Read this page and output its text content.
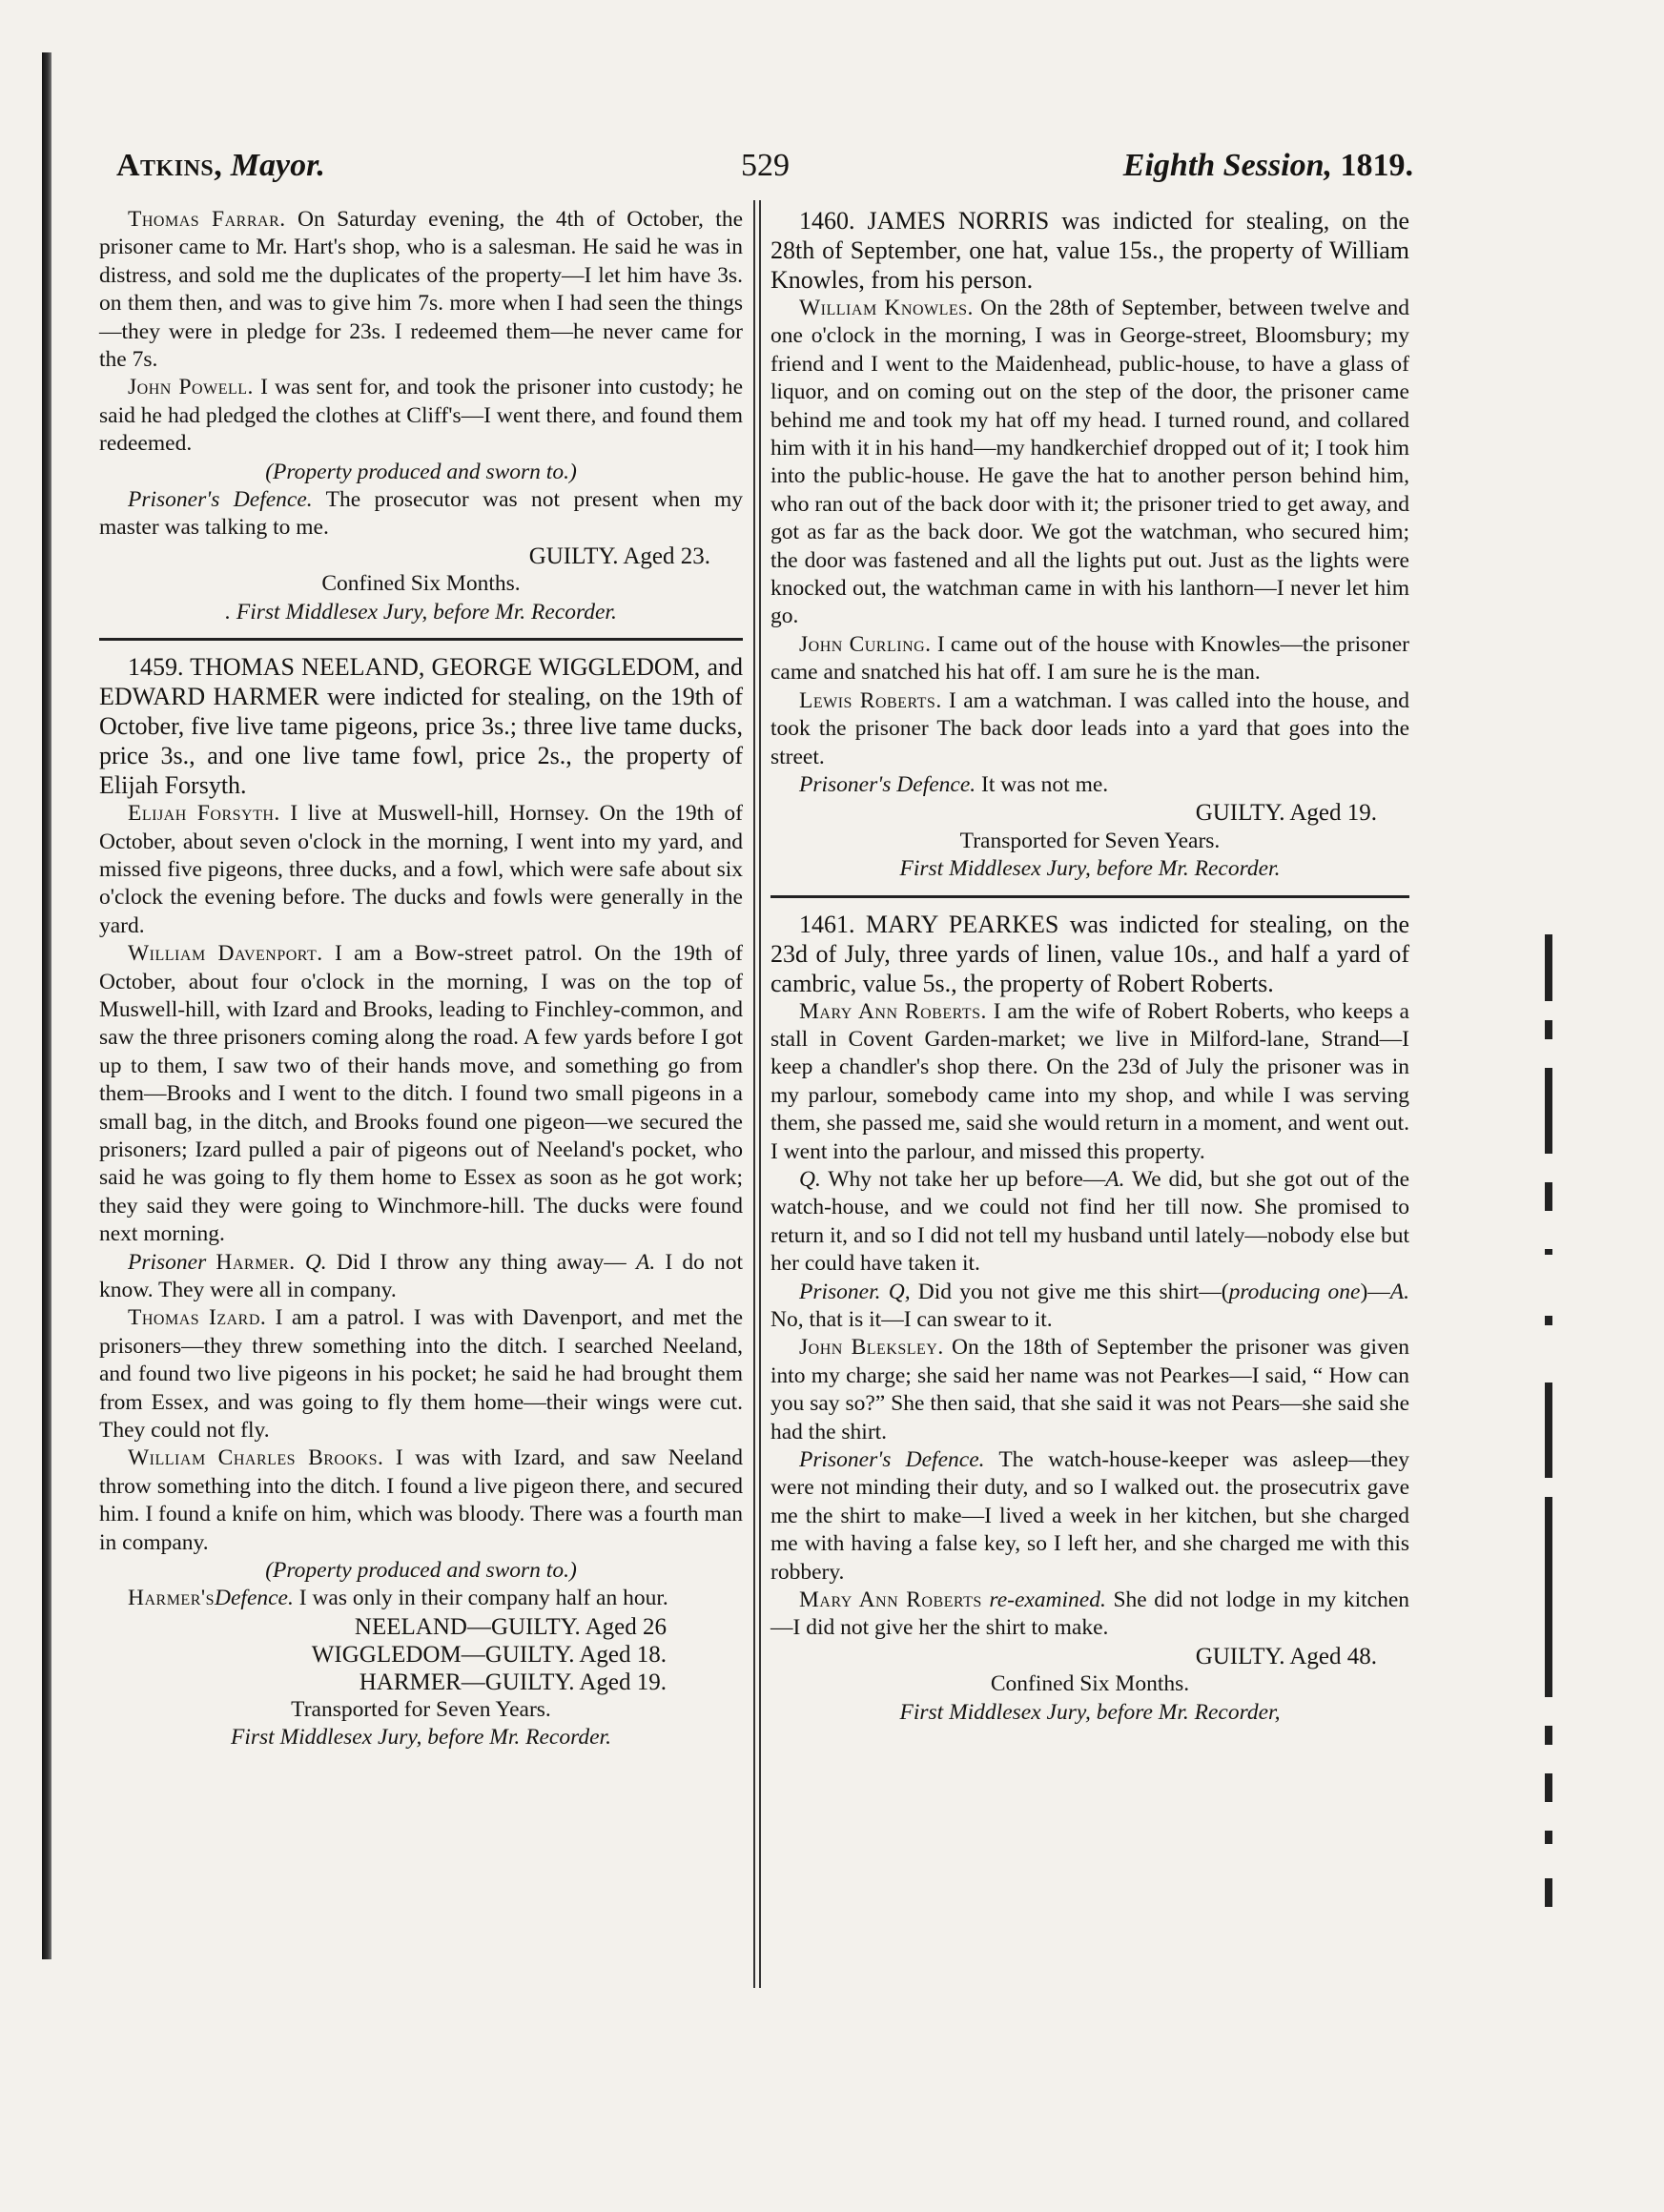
Atkins, Mayor.	529	Eighth Session, 1819.

Thomas Farrar. On Saturday evening, the 4th of October, the prisoner came to Mr. Hart's shop, who is a salesman. He said he was in distress, and sold me the duplicates of the property—I let him have 3s. on them then, and was to give him 7s. more when I had seen the things—they were in pledge for 23s. I redeemed them—he never came for the 7s.

John Powell. I was sent for, and took the prisoner into custody; he said he had pledged the clothes at Cliff's—I went there, and found them redeemed.

(Property produced and sworn to.)

Prisoner's Defence. The prosecutor was not present when my master was talking to me.

GUILTY. Aged 23.

Confined Six Months.

. First Middlesex Jury, before Mr. Recorder.

1459. THOMAS NEELAND, GEORGE WIGGLEDOM, and EDWARD HARMER were indicted for stealing, on the 19th of October, five live tame pigeons, price 3s.; three live tame ducks, price 3s., and one live tame fowl, price 2s., the property of Elijah Forsyth.

Elijah Forsyth. I live at Muswell-hill, Hornsey. On the 19th of October, about seven o'clock in the morning, I went into my yard, and missed five pigeons, three ducks, and a fowl, which were safe about six o'clock the evening before. The ducks and fowls were generally in the yard.

William Davenport. I am a Bow-street patrol. On the 19th of October, about four o'clock in the morning, I was on the top of Muswell-hill, with Izard and Brooks, leading to Finchley-common, and saw the three prisoners coming along the road. A few yards before I got up to them, I saw two of their hands move, and something go from them—Brooks and I went to the ditch. I found two small pigeons in a small bag, in the ditch, and Brooks found one pigeon—we secured the prisoners; Izard pulled a pair of pigeons out of Neeland's pocket, who said he was going to fly them home to Essex as soon as he got work; they said they were going to Winchmore-hill. The ducks were found next morning.

Prisoner Harmer. Q. Did I throw any thing away— A. I do not know. They were all in company.

Thomas Izard. I am a patrol. I was with Davenport, and met the prisoners—they threw something into the ditch. I searched Neeland, and found two live pigeons in his pocket; he said he had brought them from Essex, and was going to fly them home—their wings were cut. They could not fly.

William Charles Brooks. I was with Izard, and saw Neeland throw something into the ditch. I found a live pigeon there, and secured him. I found a knife on him, which was bloody. There was a fourth man in company.

(Property produced and sworn to.)

Harmer'sDefence. I was only in their company half an hour.

NEELAND—GUILTY. Aged 26

WIGGLEDOM—GUILTY. Aged 18.

HARMER—GUILTY. Aged 19.

Transported for Seven Years.

First Middlesex Jury, before Mr. Recorder.

1460. JAMES NORRIS was indicted for stealing, on the 28th of September, one hat, value 15s., the property of William Knowles, from his person.

William Knowles. On the 28th of September, between twelve and one o'clock in the morning, I was in George-street, Bloomsbury; my friend and I went to the Maidenhead, public-house, to have a glass of liquor, and on coming out on the step of the door, the prisoner came behind me and took my hat off my head. I turned round, and collared him with it in his hand—my handkerchief dropped out of it; I took him into the public-house. He gave the hat to another person behind him, who ran out of the back door with it; the prisoner tried to get away, and got as far as the back door. We got the watchman, who secured him; the door was fastened and all the lights put out. Just as the lights were knocked out, the watchman came in with his lanthorn—I never let him go.

John Curling. I came out of the house with Knowles—the prisoner came and snatched his hat off. I am sure he is the man.

Lewis Roberts. I am a watchman. I was called into the house, and took the prisoner The back door leads into a yard that goes into the street.

Prisoner's Defence. It was not me.

GUILTY. Aged 19.

Transported for Seven Years.

First Middlesex Jury, before Mr. Recorder.

1461. MARY PEARKES was indicted for stealing, on the 23d of July, three yards of linen, value 10s., and half a yard of cambric, value 5s., the property of Robert Roberts.

Mary Ann Roberts. I am the wife of Robert Roberts, who keeps a stall in Covent Garden-market; we live in Milford-lane, Strand—I keep a chandler's shop there. On the 23d of July the prisoner was in my parlour, somebody came into my shop, and while I was serving them, she passed me, said she would return in a moment, and went out. I went into the parlour, and missed this property.

Q. Why not take her up before—A. We did, but she got out of the watch-house, and we could not find her till now. She promised to return it, and so I did not tell my husband until lately—nobody else but her could have taken it.

Prisoner. Q, Did you not give me this shirt—(producing one)—A. No, that is it—I can swear to it.

John Bleksley. On the 18th of September the prisoner was given into my charge; she said her name was not Pearkes—I said, “ How can you say so?” She then said, that she said it was not Pears—she said she had the shirt.

Prisoner's Defence. The watch-house-keeper was asleep—they were not minding their duty, and so I walked out. the prosecutrix gave me the shirt to make—I lived a week in her kitchen, but she charged me with having a false key, so I left her, and she charged me with this robbery.

Mary Ann Roberts re-examined. She did not lodge in my kitchen—I did not give her the shirt to make.

GUILTY. Aged 48.

Confined Six Months.

First Middlesex Jury, before Mr. Recorder,
